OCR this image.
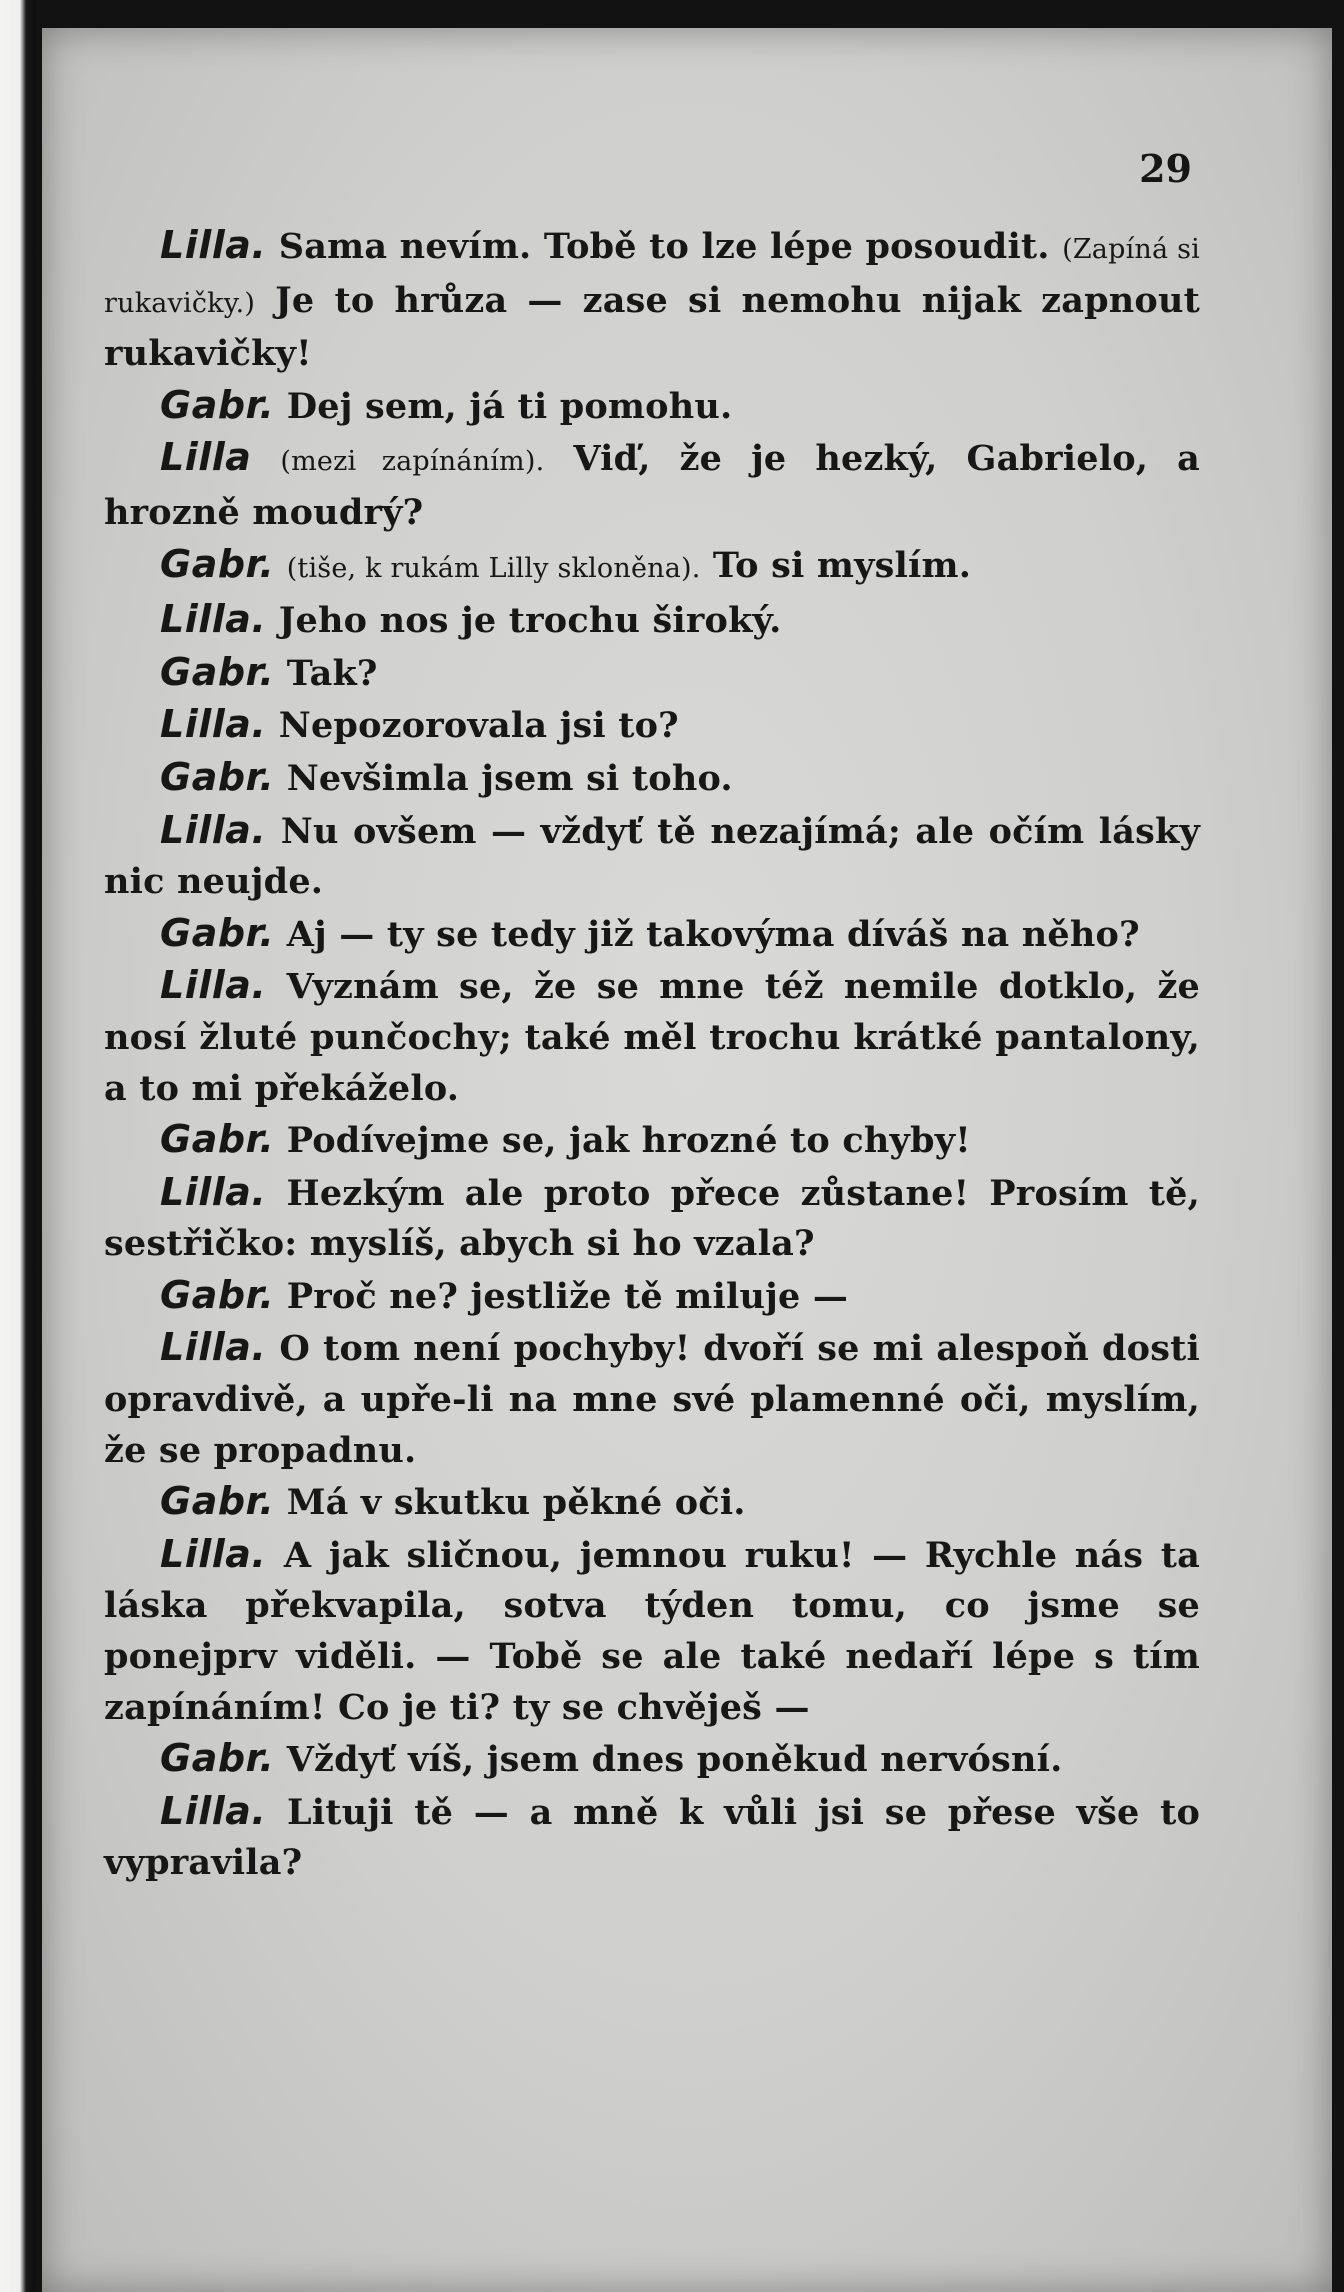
29

Lilla. Sama nevím. Tobě to lze lépe posoudit. (Zapíná si rukavičky.) Je to hrůza — zase si nemohu nijak zapnout rukavičky!

Gabr. Dej sem, já ti pomohu.

Lilla (mezi zapínáním). Viď, že je hezký, Gabrielo, a hrozně moudrý?

Gabr. (tiše, k rukám Lilly skloněna). To si myslím.

Lilla. Jeho nos je trochu široký.

Gabr. Tak?

Lilla. Nepozorovala jsi to?

Gabr. Nevšimla jsem si toho.

Lilla. Nu ovšem — vždyť tě nezajímá; ale očím lásky nic neujde.

Gabr. Aj — ty se tedy již takovýma díváš na něho?

Lilla. Vyznám se, že se mne též nemile dotklo, že nosí žluté punčochy; také měl trochu krátké pantalony, a to mi překáželo.

Gabr. Podívejme se, jak hrozné to chyby!

Lilla. Hezkým ale proto přece zůstane! Prosím tě, sestřičko: myslíš, abych si ho vzala?

Gabr. Proč ne? jestliže tě miluje —

Lilla. O tom není pochyby! dvoří se mi alespoň dosti opravdivě, a upře-li na mne své plamenné oči, myslím, že se propadnu.

Gabr. Má v skutku pěkné oči.

Lilla. A jak sličnou, jemnou ruku! — Rychle nás ta láska překvapila, sotva týden tomu, co jsme se ponejprv viděli. — Tobě se ale také nedaří lépe s tím zapínáním! Co je ti? ty se chvěješ —

Gabr. Vždyť víš, jsem dnes poněkud nervósní.

Lilla. Lituji tě — a mně k vůli jsi se přese vše to vypravila?
